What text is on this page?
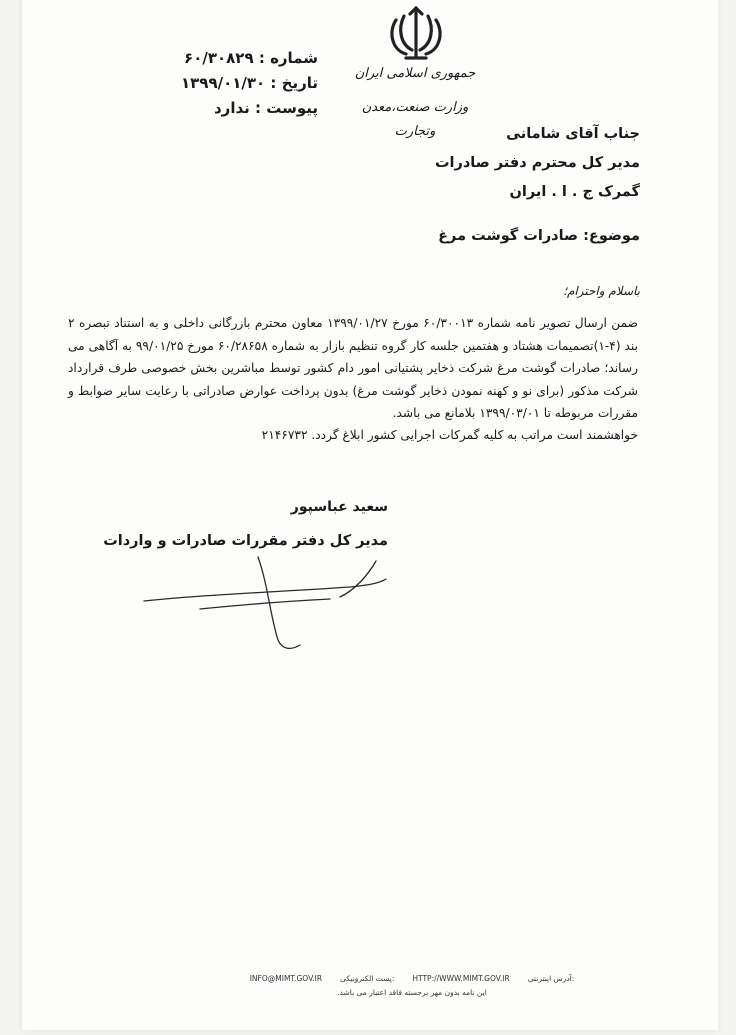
شماره : ۶۰/۳۰۸۲۹
تاریخ : ۱۳۹۹/۰۱/۳۰
پیوست : ندارد
جمهوری اسلامی ایران
وزارت صنعت،معدن وتجارت	جناب آقای شامانی
مدیر کل محترم دفتر صادرات
گمرک ج . ا . ایران
موضوع: صادرات گوشت مرغ
باسلام واحترام؛

ضمن ارسال تصویر نامه شماره ۶۰/۳۰۰۱۳ مورخ ۱۳۹۹/۰۱/۲۷ معاون محترم بازرگانی داخلی و به استناد تبصره ۲ بند (۴-۱)تصمیمات هشتاد و هفتمین جلسه کار گروه تنظیم بازار به شماره ۶۰/۲۸۶۵۸ مورخ ۹۹/۰۱/۲۵ به آگاهی می رساند؛ صادرات گوشت مرغ شرکت ذخایر پشتیانی امور دام کشور توسط مباشرین بخش خصوصی طرف قرارداد شرکت مذکور (برای نو و کهنه نمودن ذخایر گوشت مرغ) بدون پرداخت عوارض صادراتی با رعایت سایر ضوابط و مقررات مربوطه تا ۱۳۹۹/۰۳/۰۱ بلامانع می باشد.

خواهشمند است مراتب به کلیه گمرکات اجرایی کشور ابلاغ گردد. ۲۱۴۶۷۳۲
سعید عباسپور
مدیر کل دفتر مقررات صادرات و واردات
INFO@MIMT.GOV.IR پست الکترونیکی: HTTP://WWW.MIMT.GOV.IR آدرس اینترنتی:
این نامه بدون مهر برجسته فاقد اعتبار می باشد.
